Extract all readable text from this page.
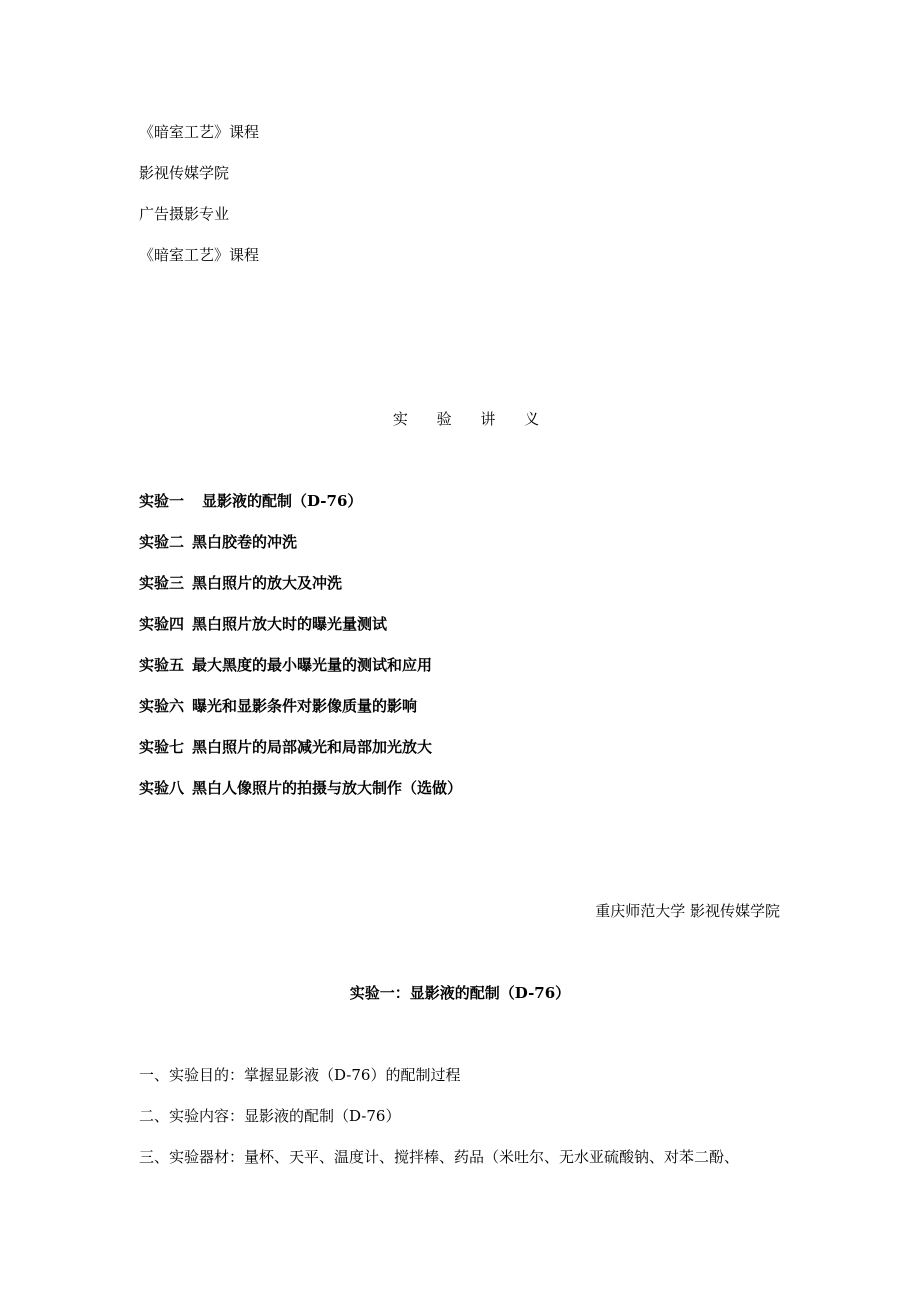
《暗室工艺》课程
影视传媒学院
广告摄影专业
《暗室工艺》课程
实 验 讲 义
实验一 显影液的配制（D-76）
实验二 黑白胶卷的冲洗
实验三 黑白照片的放大及冲洗
实验四 黑白照片放大时的曝光量测试
实验五 最大黑度的最小曝光量的测试和应用
实验六 曝光和显影条件对影像质量的影响
实验七 黑白照片的局部减光和局部加光放大
实验八 黑白人像照片的拍摄与放大制作（选做）
重庆师范大学 影视传媒学院
实验一：显影液的配制（D-76）
一、实验目的：掌握显影液（D-76）的配制过程
二、实验内容：显影液的配制（D-76）
三、实验器材：量杯、天平、温度计、搅拌棒、药品（米吐尔、无水亚硫酸钠、对苯二酚、
